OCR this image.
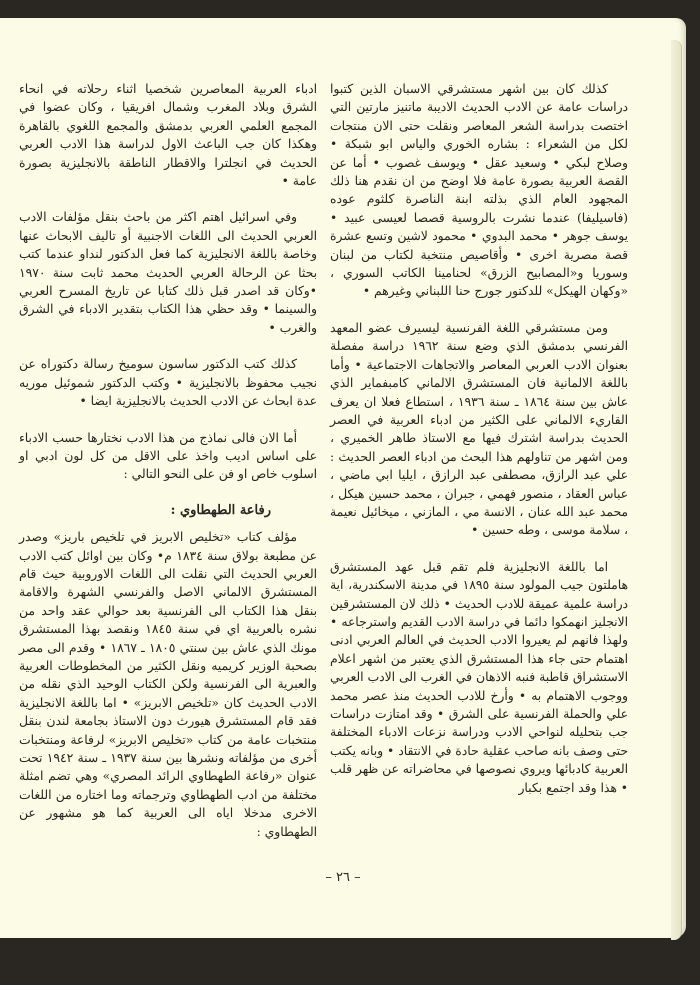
كذلك كان بين اشهر مستشرقي الاسبان الذين كتبوا دراسات عامة عن الادب الحديث الاديبة ماتنيز مارتين التي اختصت بدراسة الشعر المعاصر ونقلت حتى الان منتجات لكل من الشعراء : بشاره الخوري والياس ابو شبكة • وصلاح لبكي • وسعيد عقل • ويوسف غصوب • أما عن القصة العربية بصورة عامة فلا اوضح من ان نقدم هنا ذلك المجهود العام الذي بذلته ابنة الناصرة كلثوم عوده (فاسيليفا) عندما نشرت بالروسية قصصا لعيسى عبيد • يوسف جوهر • محمد البدوي • محمود لاشين وتسع عشرة قصة مصرية اخرى • وأقاصيص منتخبة لكتاب من لبنان وسوريا و«المصابيح الزرق» لحنامينا الكاتب السوري ، «وكهان الهيكل» للدكتور جورج حنا اللبناني وغيرهم •

ومن مستشرقي اللغة الفرنسية ليسيرف عضو المعهد الفرنسي بدمشق الذي وضع سنة ١٩٦٢ دراسة مفصلة بعنوان الادب العربي المعاصر والاتجاهات الاجتماعية • وأما باللغة الالمانية فان المستشرق الالماني كامبفماير الذي عاش بين سنة ١٨٦٤ ـ سنة ١٩٣٦ ، استطاع فعلا ان يعرف القاريء الالماني على الكثير من ادباء العربية في العصر الحديث بدراسة اشترك فيها مع الاستاذ طاهر الخميري ، ومن اشهر من تناولهم هذا البحث من ادباء العصر الحديث : علي عبد الرازق، مصطفى عبد الرازق ، ايليا ابي ماضي ، عباس العقاد ، منصور فهمي ، جبران ، محمد حسين هيكل ، محمد عبد الله عنان ، الانسة مي ، المازني ، ميخائيل نعيمة ، سلامة موسى ، وطه حسين •

اما باللغة الانجليزية فلم تقم قبل عهد المستشرق هاملتون جيب المولود سنة ١٨٩٥ في مدينة الاسكندرية، اية دراسة علمية عميقة للادب الحديث • ذلك لان المستشرقين الانجليز انهمكوا دائما في دراسة الادب القديم واسترجاعه • ولهذا فانهم لم يعيروا الادب الحديث في العالم العربي ادنى اهتمام حتى جاء هذا المستشرق الذي يعتبر من اشهر اعلام الاستشراق قاطبة فنبه الاذهان في الغرب الى الادب العربي ووجوب الاهتمام به • وأرخ للادب الحديث منذ عصر محمد علي والحملة الفرنسية على الشرق • وقد امتازت دراسات جب بتحليله لنواحي الادب ودراسة نزعات الادباء المختلفة حتى وصف بانه صاحب عقلية حادة في الانتقاد • وبانه يكتب العربية كادبائها ويروي نصوصها في محاضراته عن ظهر قلب • هذا وقد اجتمع بكبار

ادباء العربية المعاصرين شخصيا اثناء رحلاته في انحاء الشرق وبلاد المغرب وشمال افريقيا ، وكان عضوا في المجمع العلمي العربي بدمشق والمجمع اللغوي بالقاهرة وهكذا كان جب الباعث الاول لدراسة هذا الادب العربي الحديث في انجلترا والاقطار الناطقة بالانجليزية بصورة عامة •

وفي اسرائيل اهتم اكثر من باحث بنقل مؤلفات الادب العربي الحديث الى اللغات الاجنبية أو تاليف الابحاث عنها وخاصة باللغة الانجليزية كما فعل الدكتور لنداو عندما كتب بحثا عن الرحالة العربي الحديث محمد ثابت سنة ١٩٧٠ •وكان قد اصدر قبل ذلك كتابا عن تاريخ المسرح العربي والسينما • وقد حظي هذا الكتاب بتقدير الادباء في الشرق والغرب •

كذلك كتب الدكتور ساسون سوميخ رسالة دكتوراه عن نجيب محفوظ بالانجليزية • وكتب الدكتور شموئيل موريه عدة ابحاث عن الادب الحديث بالانجليزية ايضا •

أما الان فالى نماذج من هذا الادب نختارها حسب الادباء على اساس اديب واخذ على الاقل من كل لون ادبي او اسلوب خاص او فن على النحو التالي :

رفاعة الطهطاوي :

مؤلف كتاب «تخليص الابريز في تلخيص باريز» وصدر عن مطبعة بولاق سنة ١٨٣٤ م• وكان بين اوائل كتب الادب العربي الحديث التي نقلت الى اللغات الاوروبية حيث قام المستشرق الالماني الاصل والفرنسي الشهرة والاقامة بنقل هذا الكتاب الى الفرنسية بعد حوالي عقد واحد من نشره بالعربية اي في سنة ١٨٤٥ ونقصد بهذا المستشرق مونك الذي عاش بين سنتي ١٨٠٥ ـ ١٨٦٧ • وقدم الى مصر بصحبة الوزير كريميه ونقل الكثير من المخطوطات العربية والعبرية الى الفرنسية ولكن الكتاب الوحيد الذي نقله من الادب الحديث كان «تلخيص الابريز» • اما باللغة الانجليزية فقد قام المستشرق هيورث دون الاستاذ بجامعة لندن بنقل منتخبات عامة من كتاب «تخليص الابريز» لرفاعة ومنتخبات أخرى من مؤلفاته ونشرها بين سنة ١٩٣٧ ـ سنة ١٩٤٢ تحت عنوان «رفاعة الطهطاوي الرائد المصري» وهي تضم امثلة مختلفة من ادب الطهطاوي وترجماته وما اختاره من اللغات الاخرى مدخلا اياه الى العربية كما هو مشهور عن الطهطاوي :

– ٢٦ –
